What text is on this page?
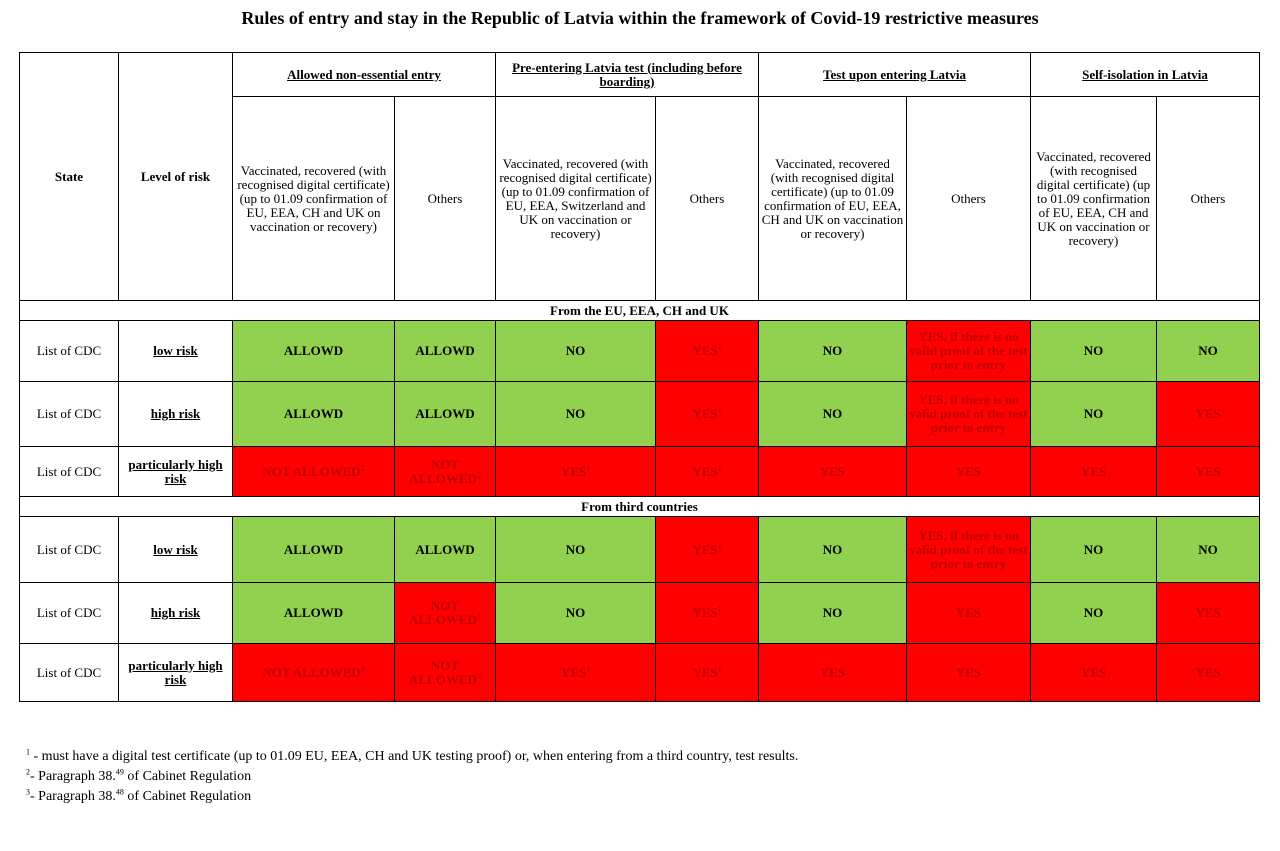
Rules of entry and stay in the Republic of Latvia within the framework of Covid-19 restrictive measures
State	Level of risk	Allowed non-essential entry		Pre-entering Latvia test (including before boarding)		Test upon entering Latvia		Self-isolation in Latvia	
		Vaccinated, recovered (with recognised digital certificate) (up to 01.09 confirmation of EU, EEA, CH and UK on vaccination or recovery)	Others	Vaccinated, recovered (with recognised digital certificate) (up to 01.09 confirmation of EU, EEA, Switzerland and UK on vaccination or recovery)	Others	Vaccinated, recovered (with recognised digital certificate) (up to 01.09 confirmation of EU, EEA, CH and UK on vaccination or recovery)	Others	Vaccinated, recovered (with recognised digital certificate) (up to 01.09 confirmation of EU, EEA, CH and UK on vaccination or recovery)	Others
From the EU, EEA, CH and UK									
List of CDC	low risk	ALLOWD	ALLOWD	NO	YES$^1$	NO	YES, if there is no valid proof of the test prior to entry	NO	NO
List of CDC	high risk	ALLOWD	ALLOWD	NO	YES$^1$	NO	YES, if there is no valid proof of the test prior to entry	NO	YES
List of CDC	particularly high risk	NOT ALLOWED$^2$	NOT ALLOWED$^2$	YES$^1$	YES$^1$	YES	YES	YES	YES
From third countries									
List of CDC	low risk	ALLOWD	ALLOWD	NO	YES$^1$	NO	YES, if there is no valid proof of the test prior to entry	NO	NO
List of CDC	high risk	ALLOWD	NOT ALLOWED$^3$	NO	YES$^1$	NO	YES	NO	YES
List of CDC	particularly high risk	NOT ALLOWED$^3$	NOT ALLOWED$^3$	YES$^1$	YES$^1$	YES	YES	YES	YES
$^1$ - must have a digital test certificate (up to 01.09 EU, EEA, CH and UK testing proof) or, when entering from a third country, test results.
$^2$- Paragraph 38.49 of Cabinet Regulation
$^3$- Paragraph 38.48 of Cabinet Regulation
